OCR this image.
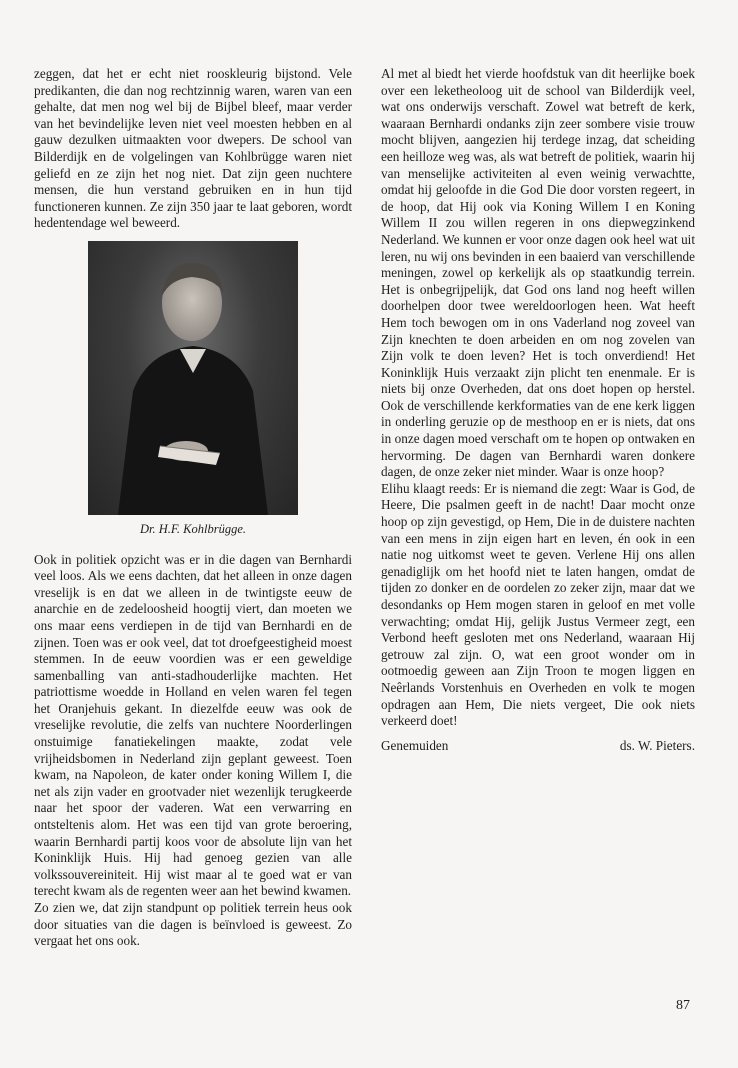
zeggen, dat het er echt niet rooskleurig bijstond. Vele predikanten, die dan nog rechtzinnig waren, waren van een gehalte, dat men nog wel bij de Bijbel bleef, maar verder van het bevindelijke leven niet veel moesten hebben en al gauw dezulken uitmaakten voor dwepers. De school van Bilderdijk en de volgelingen van Kohlbrügge waren niet geliefd en ze zijn het nog niet. Dat zijn geen nuchtere mensen, die hun verstand gebruiken en in hun tijd functioneren kunnen. Ze zijn 350 jaar te laat geboren, wordt hedentendage wel beweerd.

Dr. H.F. Kohlbrügge.

Ook in politiek opzicht was er in die dagen van Bernhardi veel loos. Als we eens dachten, dat het alleen in onze dagen vreselijk is en dat we alleen in de twintigste eeuw de anarchie en de zedeloosheid hoogtij viert, dan moeten we ons maar eens verdiepen in de tijd van Bernhardi en de zijnen. Toen was er ook veel, dat tot droefgeestigheid moest stemmen. In de eeuw voordien was er een geweldige samenballing van anti-stadhouderlijke machten. Het patriottisme woedde in Holland en velen waren fel tegen het Oranjehuis gekant. In diezelfde eeuw was ook de vreselijke revolutie, die zelfs van nuchtere Noorderlingen onstuimige fanatiekelingen maakte, zodat vele vrijheidsbomen in Nederland zijn geplant geweest. Toen kwam, na Napoleon, de kater onder koning Willem I, die net als zijn vader en grootvader niet wezenlijk terugkeerde naar het spoor der vaderen. Wat een verwarring en ontsteltenis alom. Het was een tijd van grote beroering, waarin Bernhardi partij koos voor de absolute lijn van het Koninklijk Huis. Hij had genoeg gezien van alle volkssouvereiniteit. Hij wist maar al te goed wat er van terecht kwam als de regenten weer aan het bewind kwamen.

Zo zien we, dat zijn standpunt op politiek terrein heus ook door situaties van die dagen is beïnvloed is geweest. Zo vergaat het ons ook.

Al met al biedt het vierde hoofdstuk van dit heerlijke boek over een leketheoloog uit de school van Bilderdijk veel, wat ons onderwijs verschaft. Zowel wat betreft de kerk, waaraan Bernhardi ondanks zijn zeer sombere visie trouw mocht blijven, aangezien hij terdege inzag, dat scheiding een heilloze weg was, als wat betreft de politiek, waarin hij van menselijke activiteiten al even weinig verwachtte, omdat hij geloofde in die God Die door vorsten regeert, in de hoop, dat Hij ook via Koning Willem I en Koning Willem II zou willen regeren in ons diepwegzinkend Nederland. We kunnen er voor onze dagen ook heel wat uit leren, nu wij ons bevinden in een baaierd van verschillende meningen, zowel op kerkelijk als op staatkundig terrein. Het is onbegrijpelijk, dat God ons land nog heeft willen doorhelpen door twee wereldoorlogen heen. Wat heeft Hem toch bewogen om in ons Vaderland nog zoveel van Zijn knechten te doen arbeiden en om nog zovelen van Zijn volk te doen leven? Het is toch onverdiend! Het Koninklijk Huis verzaakt zijn plicht ten enenmale. Er is niets bij onze Overheden, dat ons doet hopen op herstel. Ook de verschillende kerkformaties van de ene kerk liggen in onderling geruzie op de mesthoop en er is niets, dat ons in onze dagen moed verschaft om te hopen op ontwaken en hervorming. De dagen van Bernhardi waren donkere dagen, de onze zeker niet minder. Waar is onze hoop?

Elihu klaagt reeds: Er is niemand die zegt: Waar is God, de Heere, Die psalmen geeft in de nacht! Daar mocht onze hoop op zijn gevestigd, op Hem, Die in de duistere nachten van een mens in zijn eigen hart en leven, én ook in een natie nog uitkomst weet te geven. Verlene Hij ons allen genadiglijk om het hoofd niet te laten hangen, omdat de tijden zo donker en de oordelen zo zeker zijn, maar dat we desondanks op Hem mogen staren in geloof en met volle verwachting; omdat Hij, gelijk Justus Vermeer zegt, een Verbond heeft gesloten met ons Nederland, waaraan Hij getrouw zal zijn. O, wat een groot wonder om in ootmoedig geween aan Zijn Troon te mogen liggen en Neêrlands Vorstenhuis en Overheden en volk te mogen opdragen aan Hem, Die niets vergeet, Die ook niets verkeerd doet!

Genemuiden	ds. W. Pieters.
87
